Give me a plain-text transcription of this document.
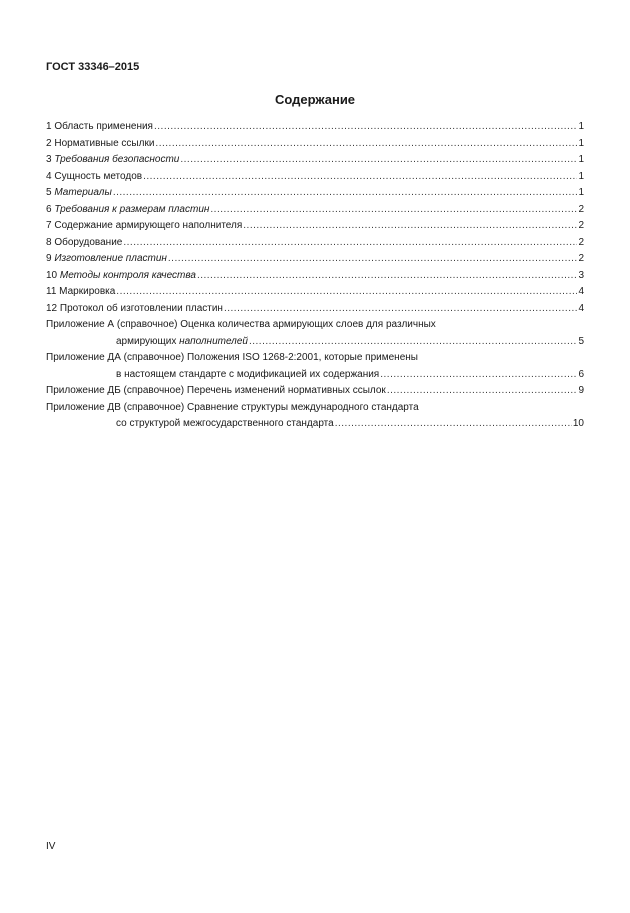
ГОСТ 33346–2015
Содержание
1 Область применения .....	1
2 Нормативные ссылки .....	1
3 Требования безопасности .....	1
4 Сущность методов .....	1
5 Материалы .....	1
6 Требования к размерам пластин .....	2
7 Содержание армирующего наполнителя .....	2
8 Оборудование .....	2
9 Изготовление пластин .....	2
10 Методы контроля качества .....	3
11 Маркировка .....	4
12 Протокол об изготовлении пластин .....	4
Приложение А (справочное) Оценка количества армирующих слоев для различных
армирующих наполнителей .....	5
Приложение ДА (справочное) Положения ISO 1268-2:2001, которые применены
в настоящем стандарте с модификацией их содержания .....	6
Приложение ДБ (справочное) Перечень изменений нормативных ссылок .....	9
Приложение ДВ (справочное) Сравнение структуры международного стандарта
со структурой межгосударственного стандарта .....	10
IV
